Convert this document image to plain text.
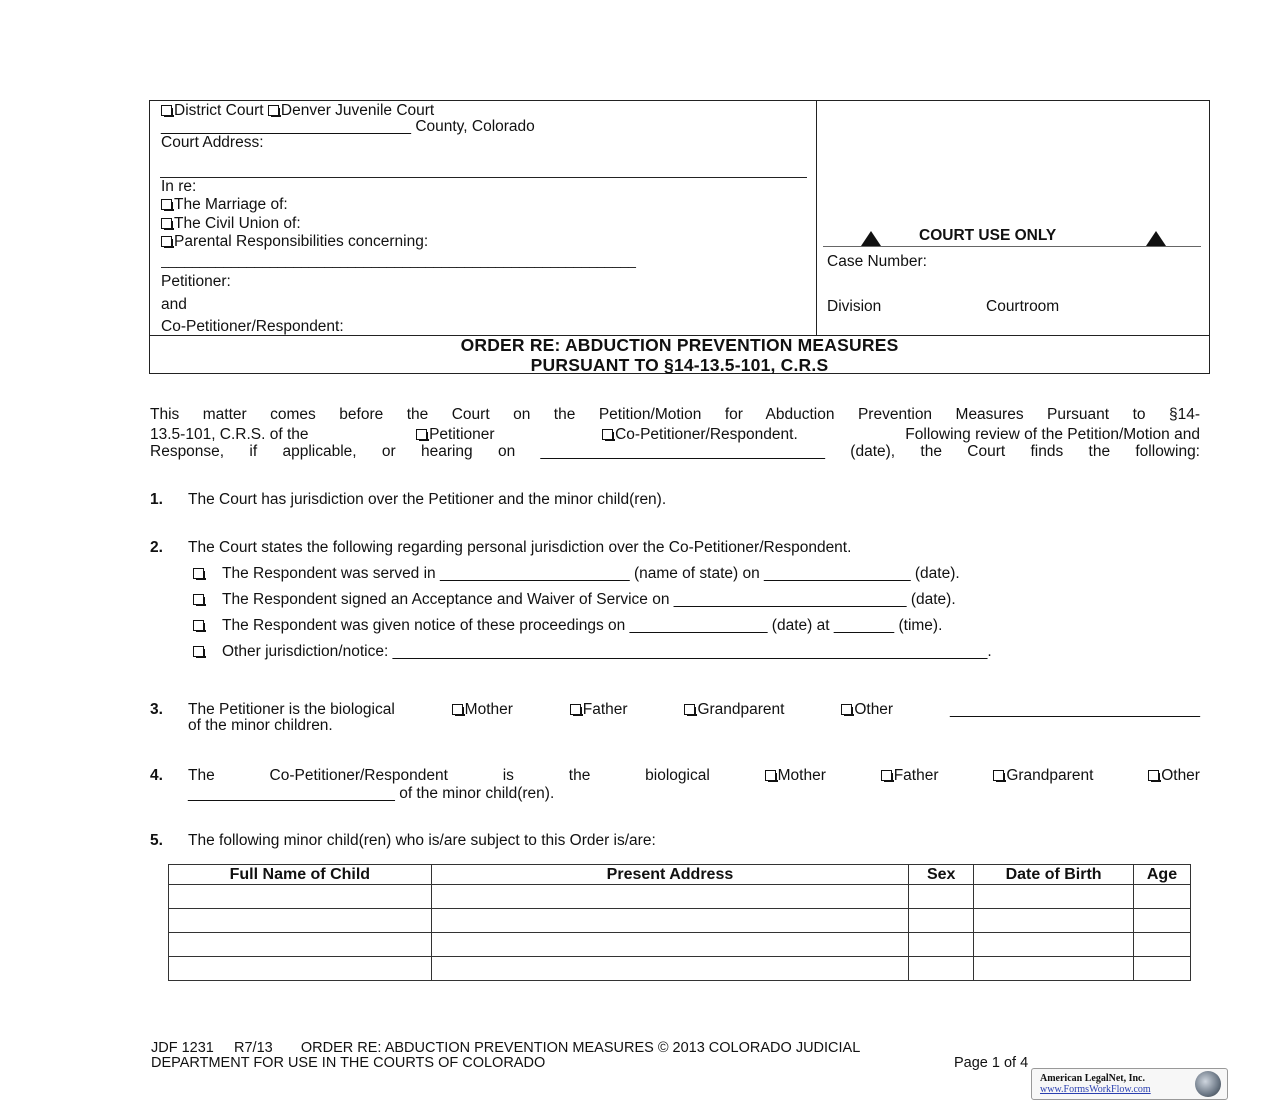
District Court Denver Juvenile Court
_____________________________ County, Colorado
Court Address:
In re:
The Marriage of:
The Civil Union of:
Parental Responsibilities concerning:
_____________________________________________________________
Petitioner:
and
Co-Petitioner/Respondent:
COURT USE ONLY
Case Number:
Division	Courtroom
ORDER RE: ABDUCTION PREVENTION MEASURES
PURSUANT TO §14-13.5-101, C.R.S
This matter comes before the Court on the Petition/Motion for Abduction Prevention Measures Pursuant to §14-
13.5-101, C.R.S. of the	Petitioner	Co-Petitioner/Respondent.	Following review of the Petition/Motion and
Response, if applicable, or hearing on _________________________________ (date), the Court finds the following:
1. The Court has jurisdiction over the Petitioner and the minor child(ren).
2. The Court states the following regarding personal jurisdiction over the Co-Petitioner/Respondent.
The Respondent was served in ______________________ (name of state) on _________________ (date).
The Respondent signed an Acceptance and Waiver of Service on ___________________________ (date).
The Respondent was given notice of these proceedings on ________________ (date) at _______ (time).
Other jurisdiction/notice: _____________________________________________________________________.
3. The Petitioner is the biological	Mother	Father	Grandparent	Other	_____________________________
of the minor children.
4. The	Co-Petitioner/Respondent	is	the	biological	Mother	Father	Grandparent	Other
________________________ of the minor child(ren).
5. The following minor child(ren) who is/are subject to this Order is/are:
Full Name of Child	Present Address	Sex	Date of Birth	Age

JDF 1231     R7/13       ORDER RE: ABDUCTION PREVENTION MEASURES © 2013 COLORADO JUDICIAL
DEPARTMENT FOR USE IN THE COURTS OF COLORADO	Page 1 of 4
American LegalNet, Inc.
www.FormsWorkFlow.com
